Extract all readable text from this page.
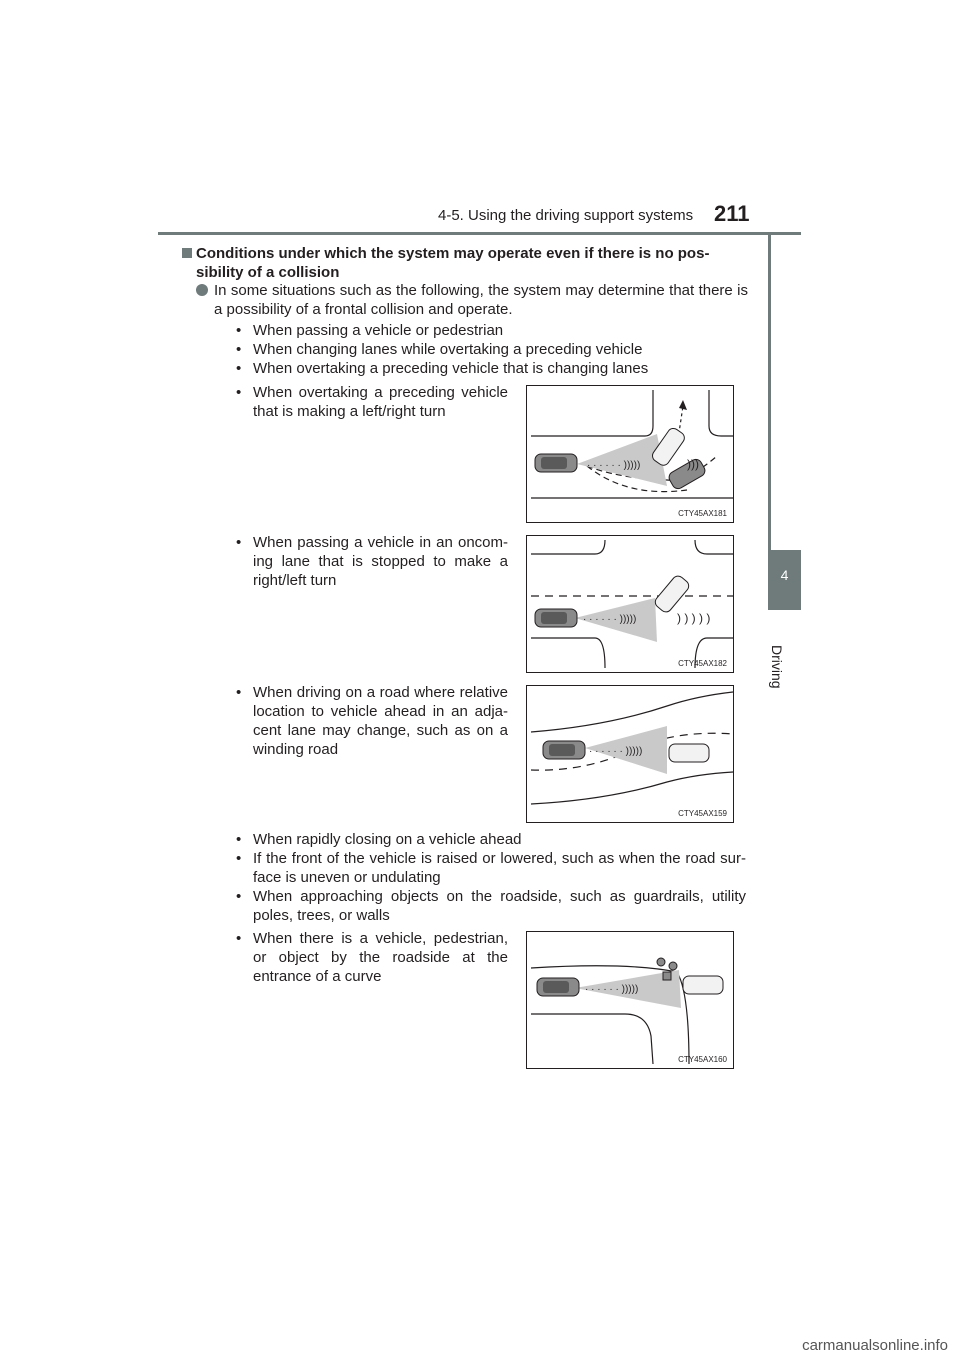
4-5. Using the driving support systems 211
4
Driving
Conditions under which the system may operate even if there is no pos-sibility of a collision
In some situations such as the following, the system may determine that there is a possibility of a frontal collision and operate.
• When passing a vehicle or pedestrian
• When changing lanes while overtaking a preceding vehicle
• When overtaking a preceding vehicle that is changing lanes
• When overtaking a preceding vehicle that is making a left/right turn
· · · · · · )))))	)))
CTY45AX181
• When passing a vehicle in an oncom-ing lane that is stopped to make a right/left turn
· · · · · · )))))	) ) ) ) )
CTY45AX182
• When driving on a road where relative location to vehicle ahead in an adja-cent lane may change, such as on a winding road	· · · · · · )))))
CTY45AX159
• When rapidly closing on a vehicle ahead
• If the front of the vehicle is raised or lowered, such as when the road sur-face is uneven or undulating
• When approaching objects on the roadside, such as guardrails, utility poles, trees, or walls
• When there is a vehicle, pedestrian, or object by the roadside at the entrance of a curve
· · · · · · )))))
CTY45AX160
carmanualsonline.info
